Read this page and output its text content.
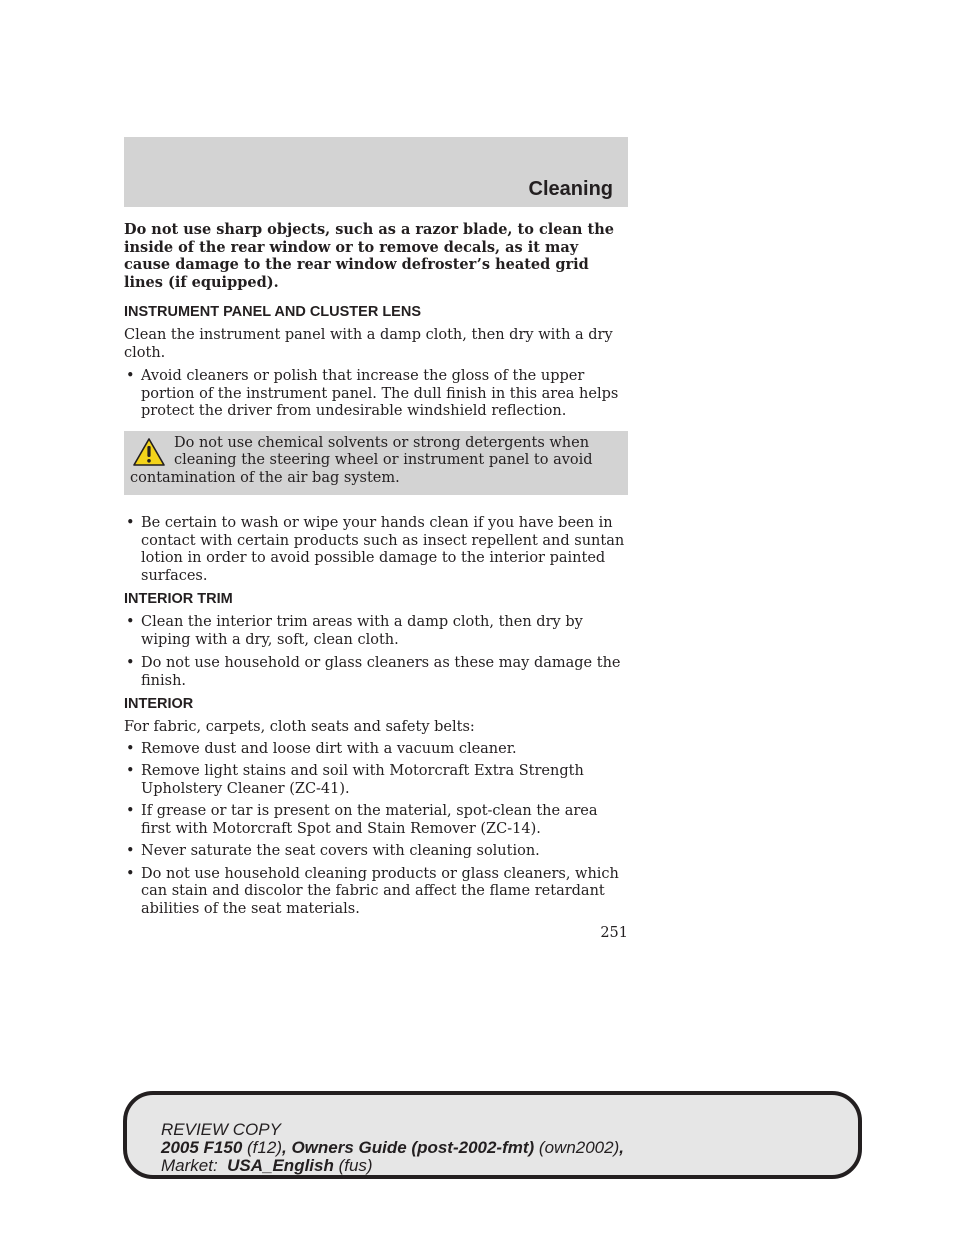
Cleaning

Do not use sharp objects, such as a razor blade, to clean the inside of the rear window or to remove decals, as it may cause damage to the rear window defroster’s heated grid lines (if equipped).

INSTRUMENT PANEL AND CLUSTER LENS

Clean the instrument panel with a damp cloth, then dry with a dry cloth.

• Avoid cleaners or polish that increase the gloss of the upper portion of the instrument panel. The dull finish in this area helps protect the driver from undesirable windshield reflection.

Do not use chemical solvents or strong detergents when cleaning the steering wheel or instrument panel to avoid contamination of the air bag system.

• Be certain to wash or wipe your hands clean if you have been in contact with certain products such as insect repellent and suntan lotion in order to avoid possible damage to the interior painted surfaces.
INTERIOR TRIM
• Clean the interior trim areas with a damp cloth, then dry by wiping with a dry, soft, clean cloth.
• Do not use household or glass cleaners as these may damage the finish.
INTERIOR

For fabric, carpets, cloth seats and safety belts:

• Remove dust and loose dirt with a vacuum cleaner.
• Remove light stains and soil with Motorcraft Extra Strength Upholstery Cleaner (ZC-41).
• If grease or tar is present on the material, spot-clean the area first with Motorcraft Spot and Stain Remover (ZC-14).
• Never saturate the seat covers with cleaning solution.
• Do not use household cleaning products or glass cleaners, which can stain and discolor the fabric and affect the flame retardant abilities of the seat materials.
251
REVIEW COPY
2005 F150 (f12), Owners Guide (post-2002-fmt) (own2002),
Market:  USA_English (fus)
